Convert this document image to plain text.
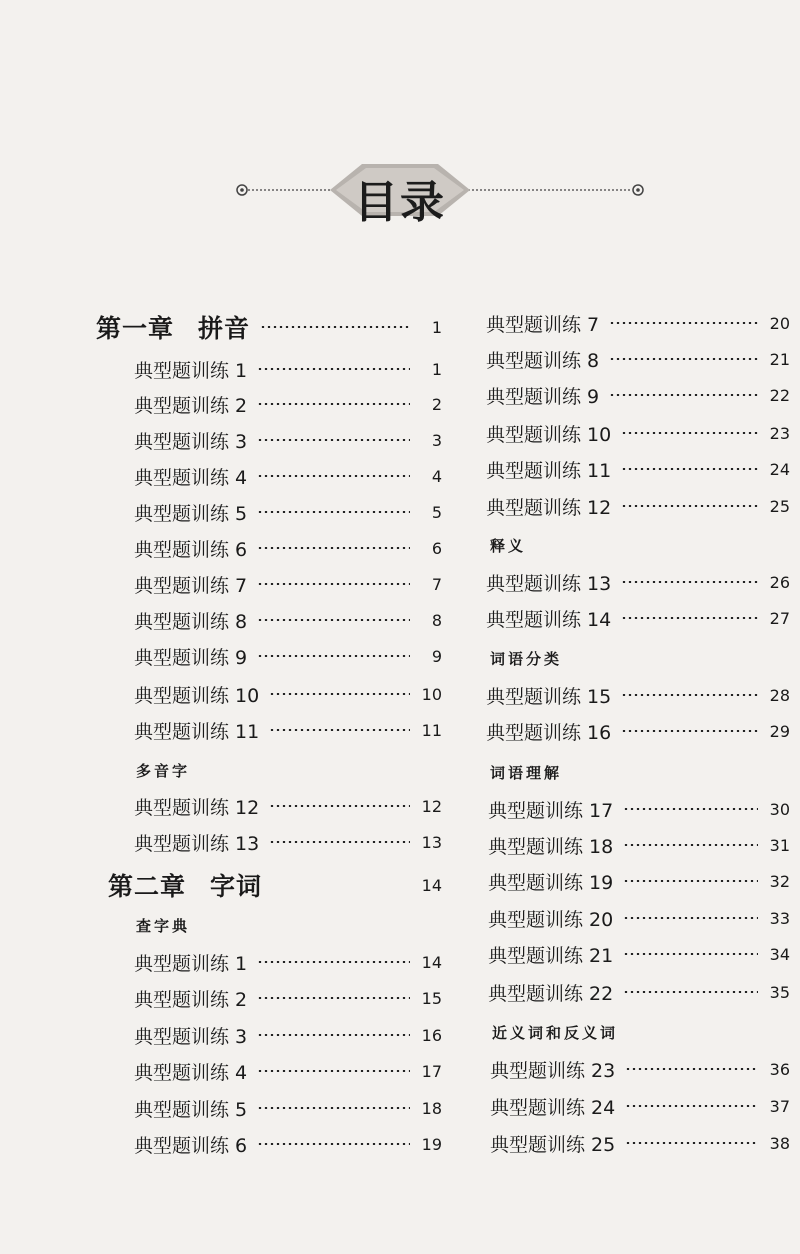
目录
第一章 拼音	1
典型题训练 1	1
典型题训练 2	2
典型题训练 3	3
典型题训练 4	4
典型题训练 5	5
典型题训练 6	6
典型题训练 7	7
典型题训练 8	8
典型题训练 9	9
典型题训练 10	10
典型题训练 11	11
多音字
典型题训练 12	12
典型题训练 13	13
第二章 字词	14
查字典
典型题训练 1	14
典型题训练 2	15
典型题训练 3	16
典型题训练 4	17
典型题训练 5	18
典型题训练 6	19
典型题训练 7	20
典型题训练 8	21
典型题训练 9	22
典型题训练 10	23
典型题训练 11	24
典型题训练 12	25
释义
典型题训练 13	26
典型题训练 14	27
词语分类
典型题训练 15	28
典型题训练 16	29
词语理解
典型题训练 17	30
典型题训练 18	31
典型题训练 19	32
典型题训练 20	33
典型题训练 21	34
典型题训练 22	35
近义词和反义词
典型题训练 23	36
典型题训练 24	37
典型题训练 25	38
